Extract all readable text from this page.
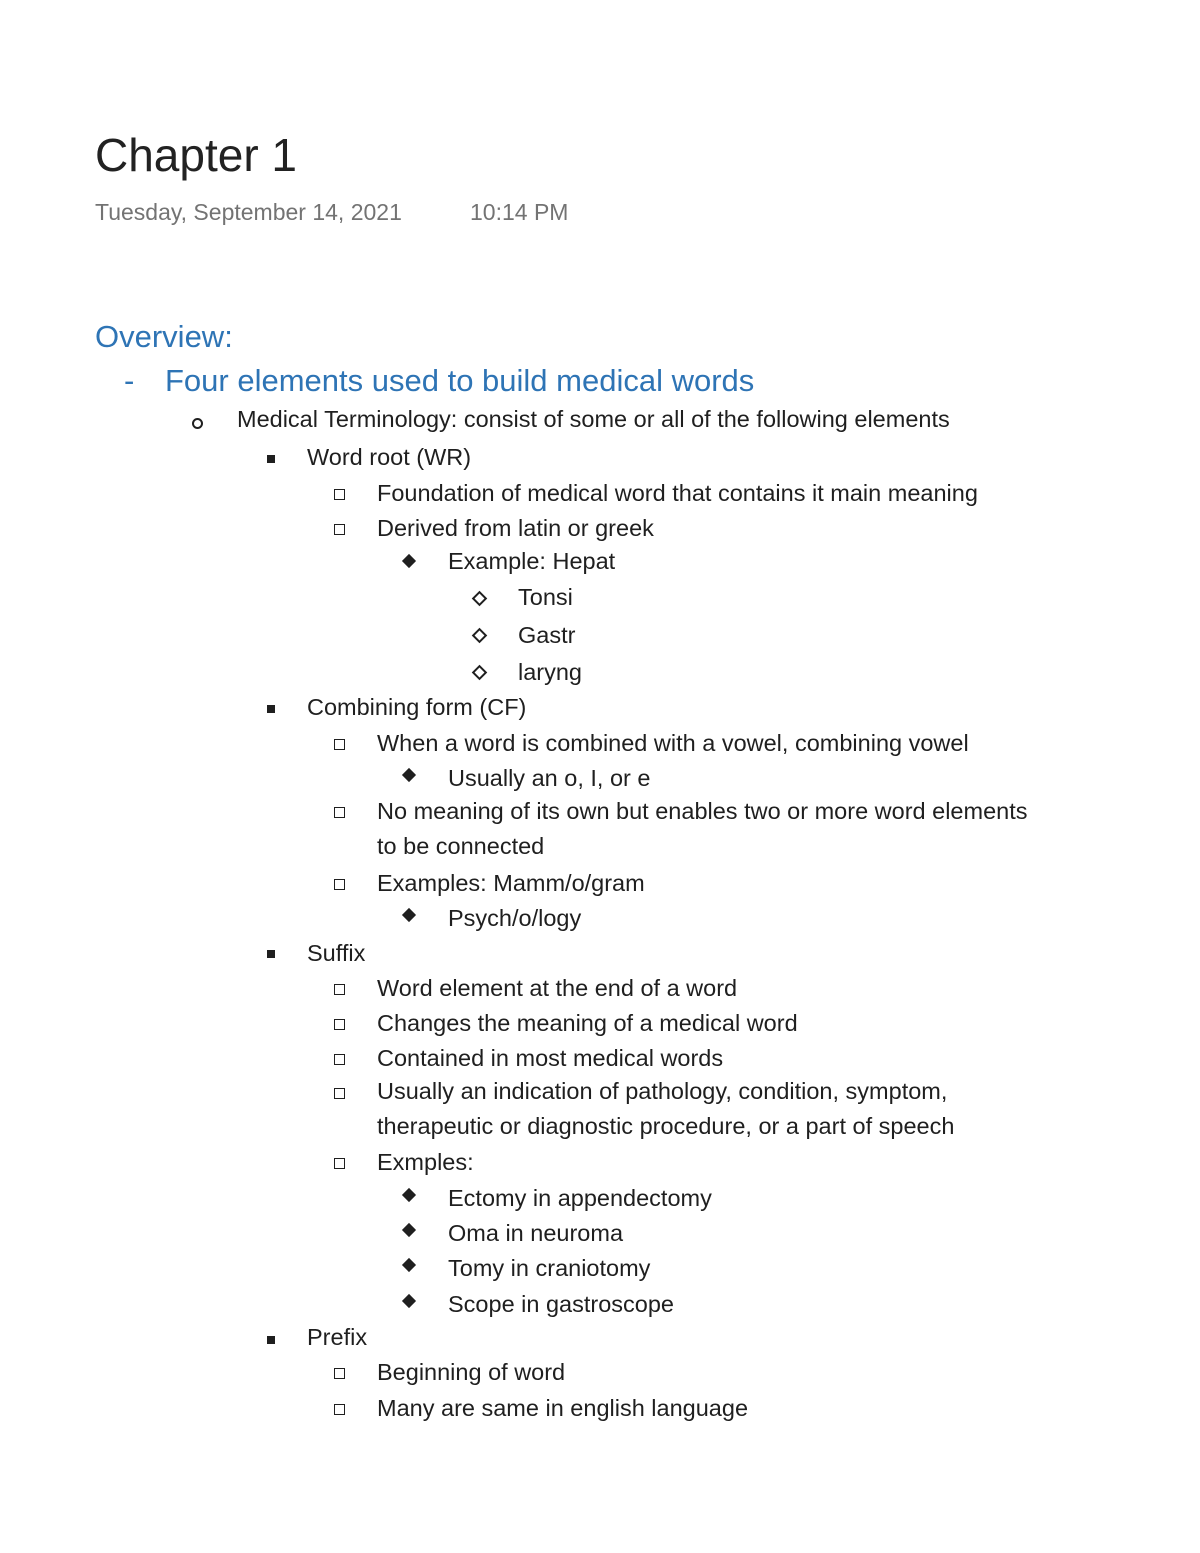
Chapter 1
Tuesday, September 14, 2021	10:14 PM
Overview:
- Four elements used to build medical words
Medical Terminology: consist of some or all of the following elements
Word root (WR)
Foundation of medical word that contains it main meaning
Derived from latin or greek
Example: Hepat
Tonsi
Gastr
laryng
Combining form (CF)
When a word is combined with a vowel, combining vowel
Usually an o, I, or e
No meaning of its own but enables two or more word elements
to be connected
Examples: Mamm/o/gram
Psych/o/logy
Suffix
Word element at the end of a word
Changes the meaning of a medical word
Contained in most medical words
Usually an indication of pathology, condition, symptom,
therapeutic or diagnostic procedure, or a part of speech
Exmples:
Ectomy in appendectomy
Oma in neuroma
Tomy in craniotomy
Scope in gastroscope
Prefix
Beginning of word
Many are same in english language
